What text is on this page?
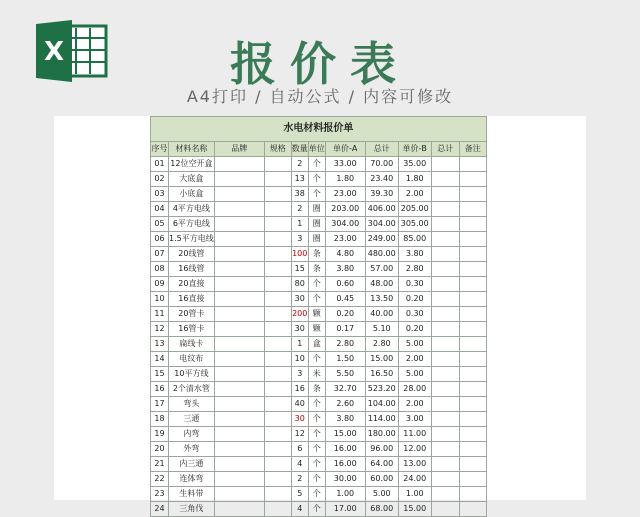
X	报价表
A4打印 / 自动公式 / 内容可修改
水电材料报价单										
序号	材料名称	品牌	规格	数量	单位	单价-A	总计	单价-B	总计	备注
01	12位空开盒			2	个	33.00	70.00	35.00		
02	大底盒			13	个	1.80	23.40	1.80		
03	小底盒			38	个	23.00	39.30	2.00		
04	4平方电线			2	圈	203.00	406.00	205.00		
05	6平方电线			1	圈	304.00	304.00	305.00		
06	1.5平方电线			3	圈	23.00	249.00	85.00		
07	20线管			100	条	4.80	480.00	3.80		
08	16线管			15	条	3.80	57.00	2.80		
09	20直接			80	个	0.60	48.00	0.30		
10	16直接			30	个	0.45	13.50	0.20		
11	20管卡			200	颗	0.20	40.00	0.30		
12	16管卡			30	颗	0.17	5.10	0.20		
13	扁线卡			1	盒	2.80	2.80	5.00		
14	电纹布			10	个	1.50	15.00	2.00		
15	10平方线			3	米	5.50	16.50	5.00		
16	2个清水管			16	条	32.70	523.20	28.00		
17	弯头			40	个	2.60	104.00	2.00		
18	三通			30	个	3.80	114.00	3.00		
19	内弯			12	个	15.00	180.00	11.00		
20	外弯			6	个	16.00	96.00	12.00		
21	内三通			4	个	16.00	64.00	13.00		
22	连体弯			2	个	30.00	60.00	24.00		
23	生料带			5	个	1.00	5.00	1.00		
24	三角伐			4	个	17.00	68.00	15.00		
